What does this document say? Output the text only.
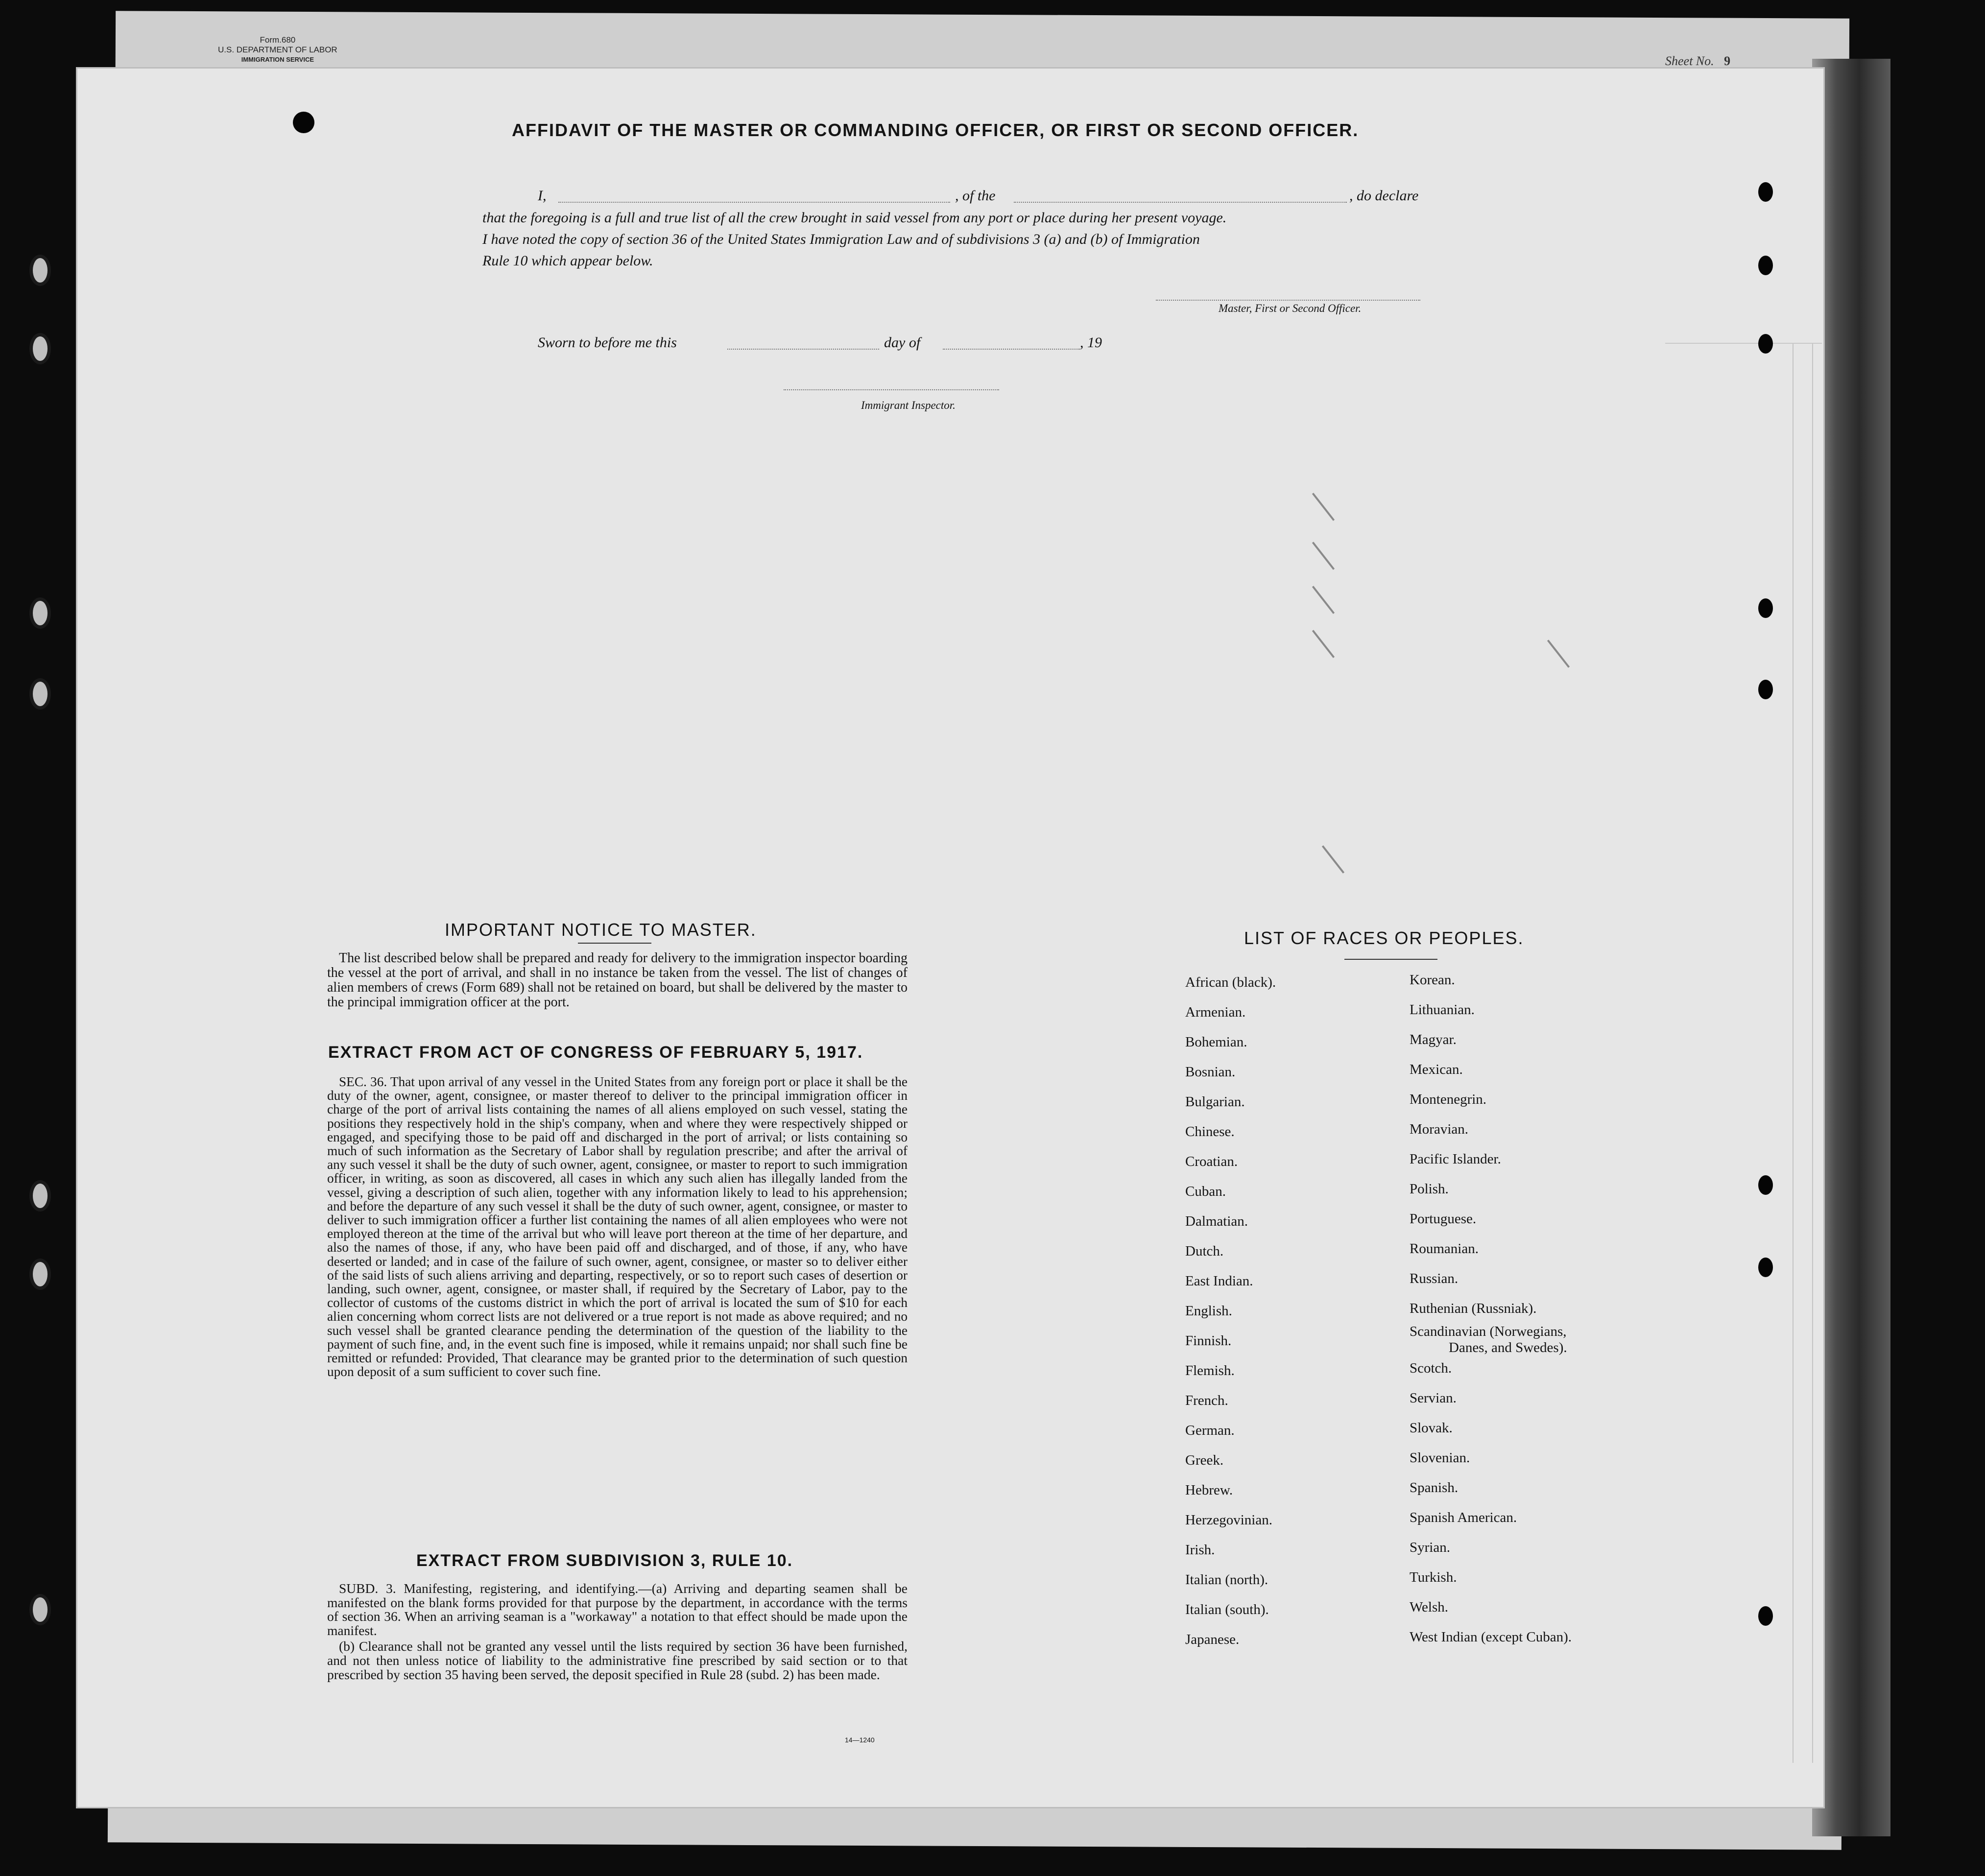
Form.680
U.S. DEPARTMENT OF LABOR
IMMIGRATION SERVICE	Sheet No. 9
AFFIDAVIT OF THE MASTER OR COMMANDING OFFICER, OR FIRST OR SECOND OFFICER.
I,	, of the	, do declare
that the foregoing is a full and true list of all the crew brought in said vessel from any port or place during her present voyage.
I have noted the copy of section 36 of the United States Immigration Law and of subdivisions 3 (a) and (b) of Immigration
Rule 10 which appear below.
Master, First or Second Officer.
Sworn to before me this	day of	, 19
Immigrant Inspector.
IMPORTANT NOTICE TO MASTER.

The list described below shall be prepared and ready for delivery to the immigration inspector boarding the vessel at the port of arrival, and shall in no instance be taken from the vessel. The list of changes of alien members of crews (Form 689) shall not be retained on board, but shall be delivered by the master to the principal immigration officer at the port.

EXTRACT FROM ACT OF CONGRESS OF FEBRUARY 5, 1917.

SEC. 36. That upon arrival of any vessel in the United States from any foreign port or place it shall be the duty of the owner, agent, consignee, or master thereof to deliver to the principal immigration officer in charge of the port of arrival lists containing the names of all aliens employed on such vessel, stating the positions they respectively hold in the ship's company, when and where they were respectively shipped or engaged, and specifying those to be paid off and discharged in the port of arrival; or lists containing so much of such information as the Secretary of Labor shall by regulation prescribe; and after the arrival of any such vessel it shall be the duty of such owner, agent, consignee, or master to report to such immigration officer, in writing, as soon as discovered, all cases in which any such alien has illegally landed from the vessel, giving a description of such alien, together with any information likely to lead to his apprehension; and before the departure of any such vessel it shall be the duty of such owner, agent, consignee, or master to deliver to such immigration officer a further list containing the names of all alien employees who were not employed thereon at the time of the arrival but who will leave port thereon at the time of her departure, and also the names of those, if any, who have been paid off and discharged, and of those, if any, who have deserted or landed; and in case of the failure of such owner, agent, consignee, or master so to deliver either of the said lists of such aliens arriving and departing, respectively, or so to report such cases of desertion or landing, such owner, agent, consignee, or master shall, if required by the Secretary of Labor, pay to the collector of customs of the customs district in which the port of arrival is located the sum of $10 for each alien concerning whom correct lists are not delivered or a true report is not made as above required; and no such vessel shall be granted clearance pending the determination of the question of the liability to the payment of such fine, and, in the event such fine is imposed, while it remains unpaid; nor shall such fine be remitted or refunded: Provided, That clearance may be granted prior to the determination of such question upon deposit of a sum sufficient to cover such fine.

EXTRACT FROM SUBDIVISION 3, RULE 10.

SUBD. 3. Manifesting, registering, and identifying.—(a) Arriving and departing seamen shall be manifested on the blank forms provided for that purpose by the department, in accordance with the terms of section 36. When an arriving seaman is a "workaway" a notation to that effect should be made upon the manifest.

(b) Clearance shall not be granted any vessel until the lists required by section 36 have been furnished, and not then unless notice of liability to the administrative fine prescribed by said section or to that prescribed by section 35 having been served, the deposit specified in Rule 28 (subd. 2) has been made.

14—1240
LIST OF RACES OR PEOPLES.
African (black).
Armenian.
Bohemian.
Bosnian.
Bulgarian.
Chinese.
Croatian.
Cuban.
Dalmatian.
Dutch.
East Indian.
English.
Finnish.
Flemish.
French.
German.
Greek.
Hebrew.
Herzegovinian.
Irish.
Italian (north).
Italian (south).
Japanese.
Korean.
Lithuanian.
Magyar.
Mexican.
Montenegrin.
Moravian.
Pacific Islander.
Polish.
Portuguese.
Roumanian.
Russian.
Ruthenian (Russniak).
Scandinavian (Norwegians,
Danes, and Swedes).
Scotch.
Servian.
Slovak.
Slovenian.
Spanish.
Spanish American.
Syrian.
Turkish.
Welsh.
West Indian (except Cuban).
